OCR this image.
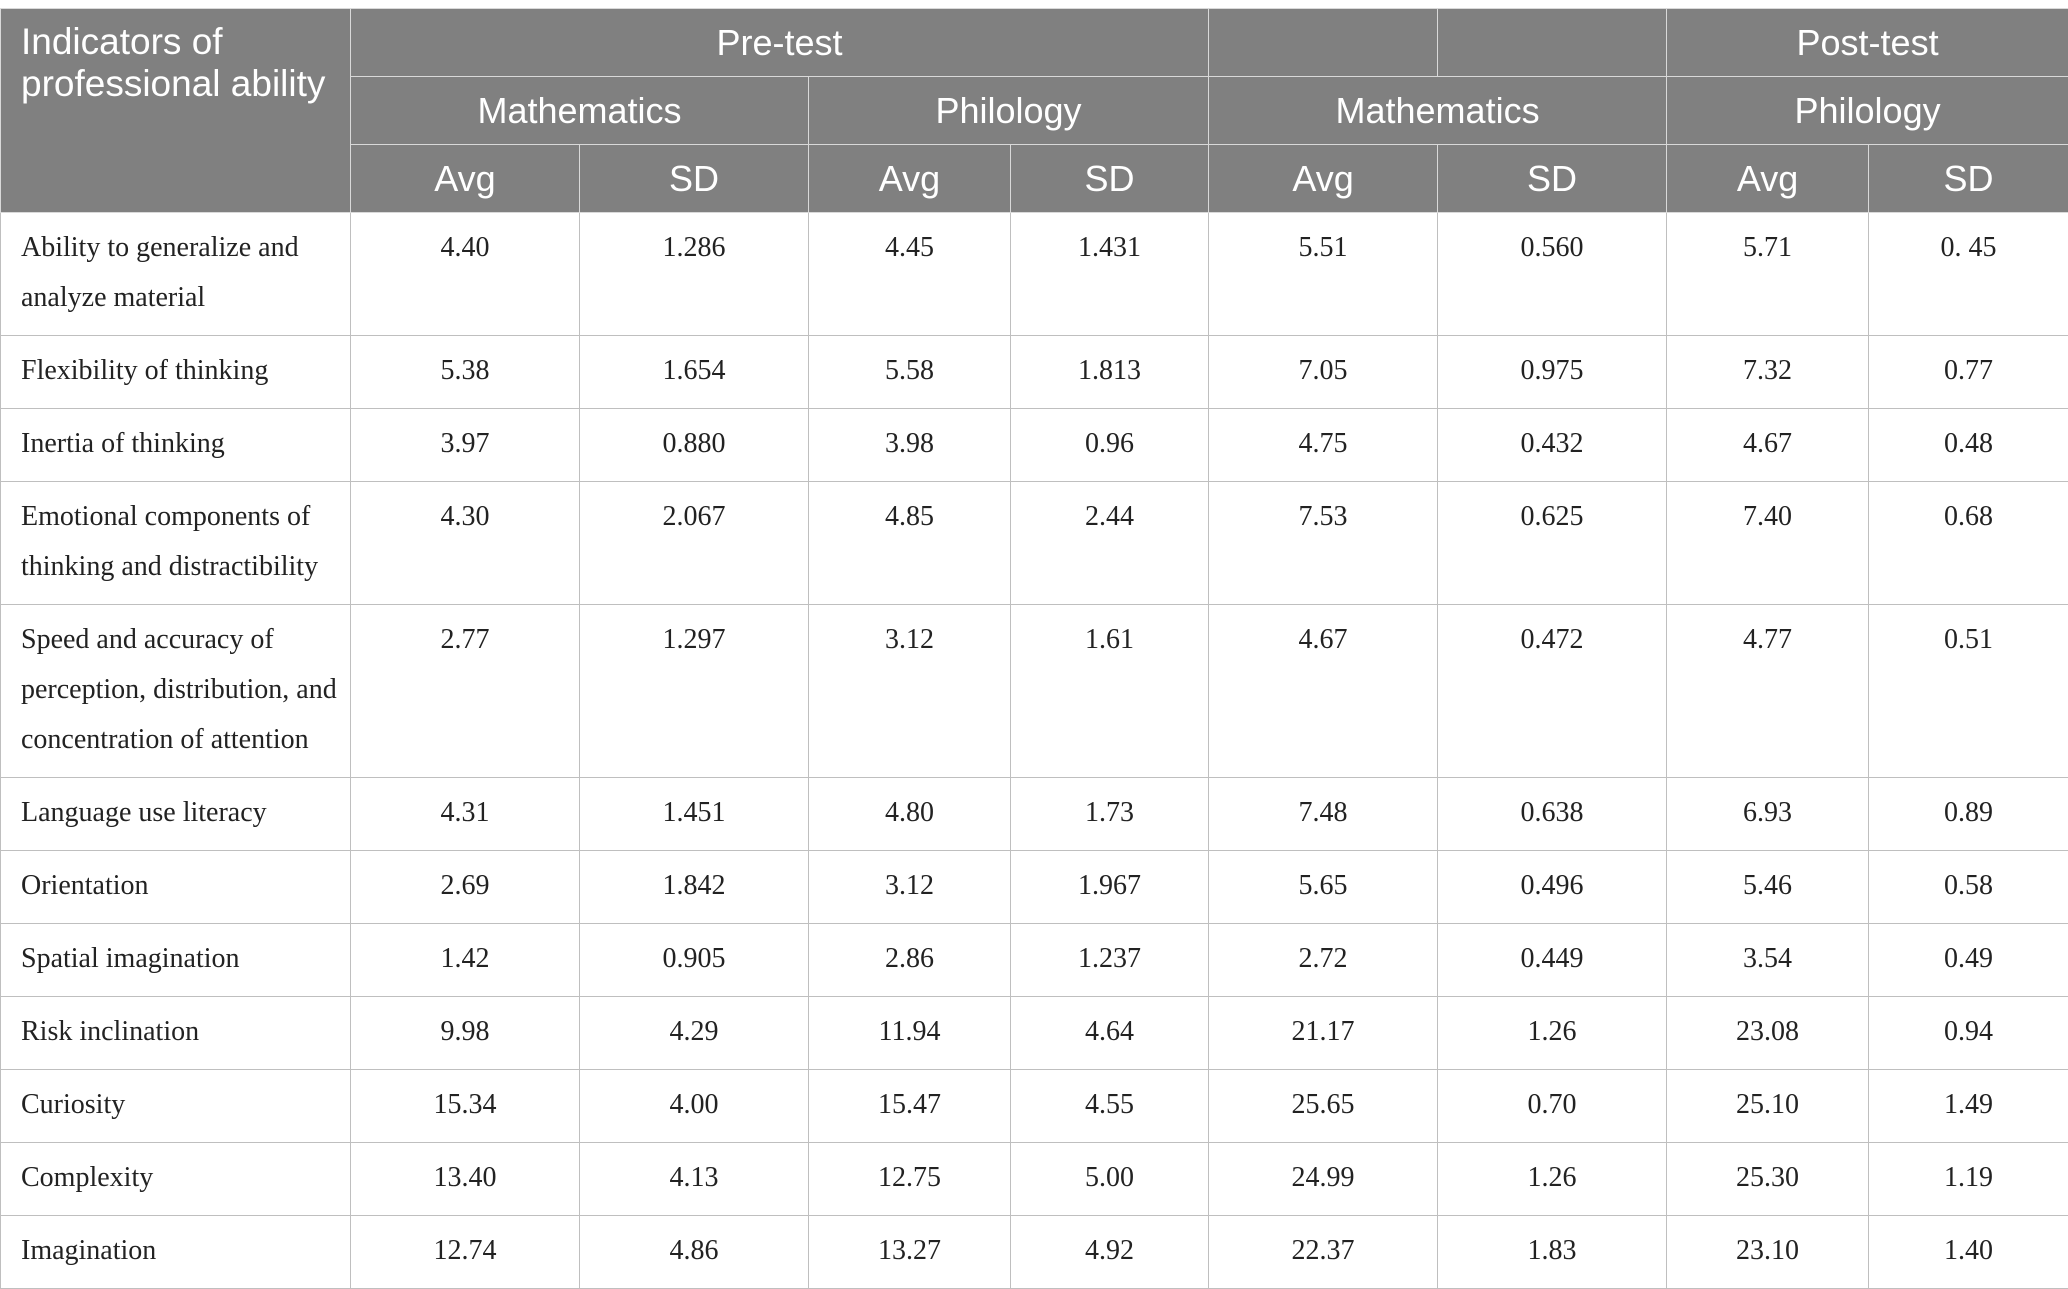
Indicators of professional ability	Pre-test						Post-test	
	Mathematics		Philology		Mathematics		Philology	
	Avg	SD	Avg	SD	Avg	SD	Avg	SD
Ability to generalize and analyze material	4.40	1.286	4.45	1.431	5.51	0.560	5.71	0. 45
Flexibility of thinking	5.38	1.654	5.58	1.813	7.05	0.975	7.32	0.77
Inertia of thinking	3.97	0.880	3.98	0.96	4.75	0.432	4.67	0.48
Emotional components of thinking and distractibility	4.30	2.067	4.85	2.44	7.53	0.625	7.40	0.68
Speed and accuracy of perception, distribution, and concentration of attention	2.77	1.297	3.12	1.61	4.67	0.472	4.77	0.51
Language use literacy	4.31	1.451	4.80	1.73	7.48	0.638	6.93	0.89
Orientation	2.69	1.842	3.12	1.967	5.65	0.496	5.46	0.58
Spatial imagination	1.42	0.905	2.86	1.237	2.72	0.449	3.54	0.49
Risk inclination	9.98	4.29	11.94	4.64	21.17	1.26	23.08	0.94
Curiosity	15.34	4.00	15.47	4.55	25.65	0.70	25.10	1.49
Complexity	13.40	4.13	12.75	5.00	24.99	1.26	25.30	1.19
Imagination	12.74	4.86	13.27	4.92	22.37	1.83	23.10	1.40
